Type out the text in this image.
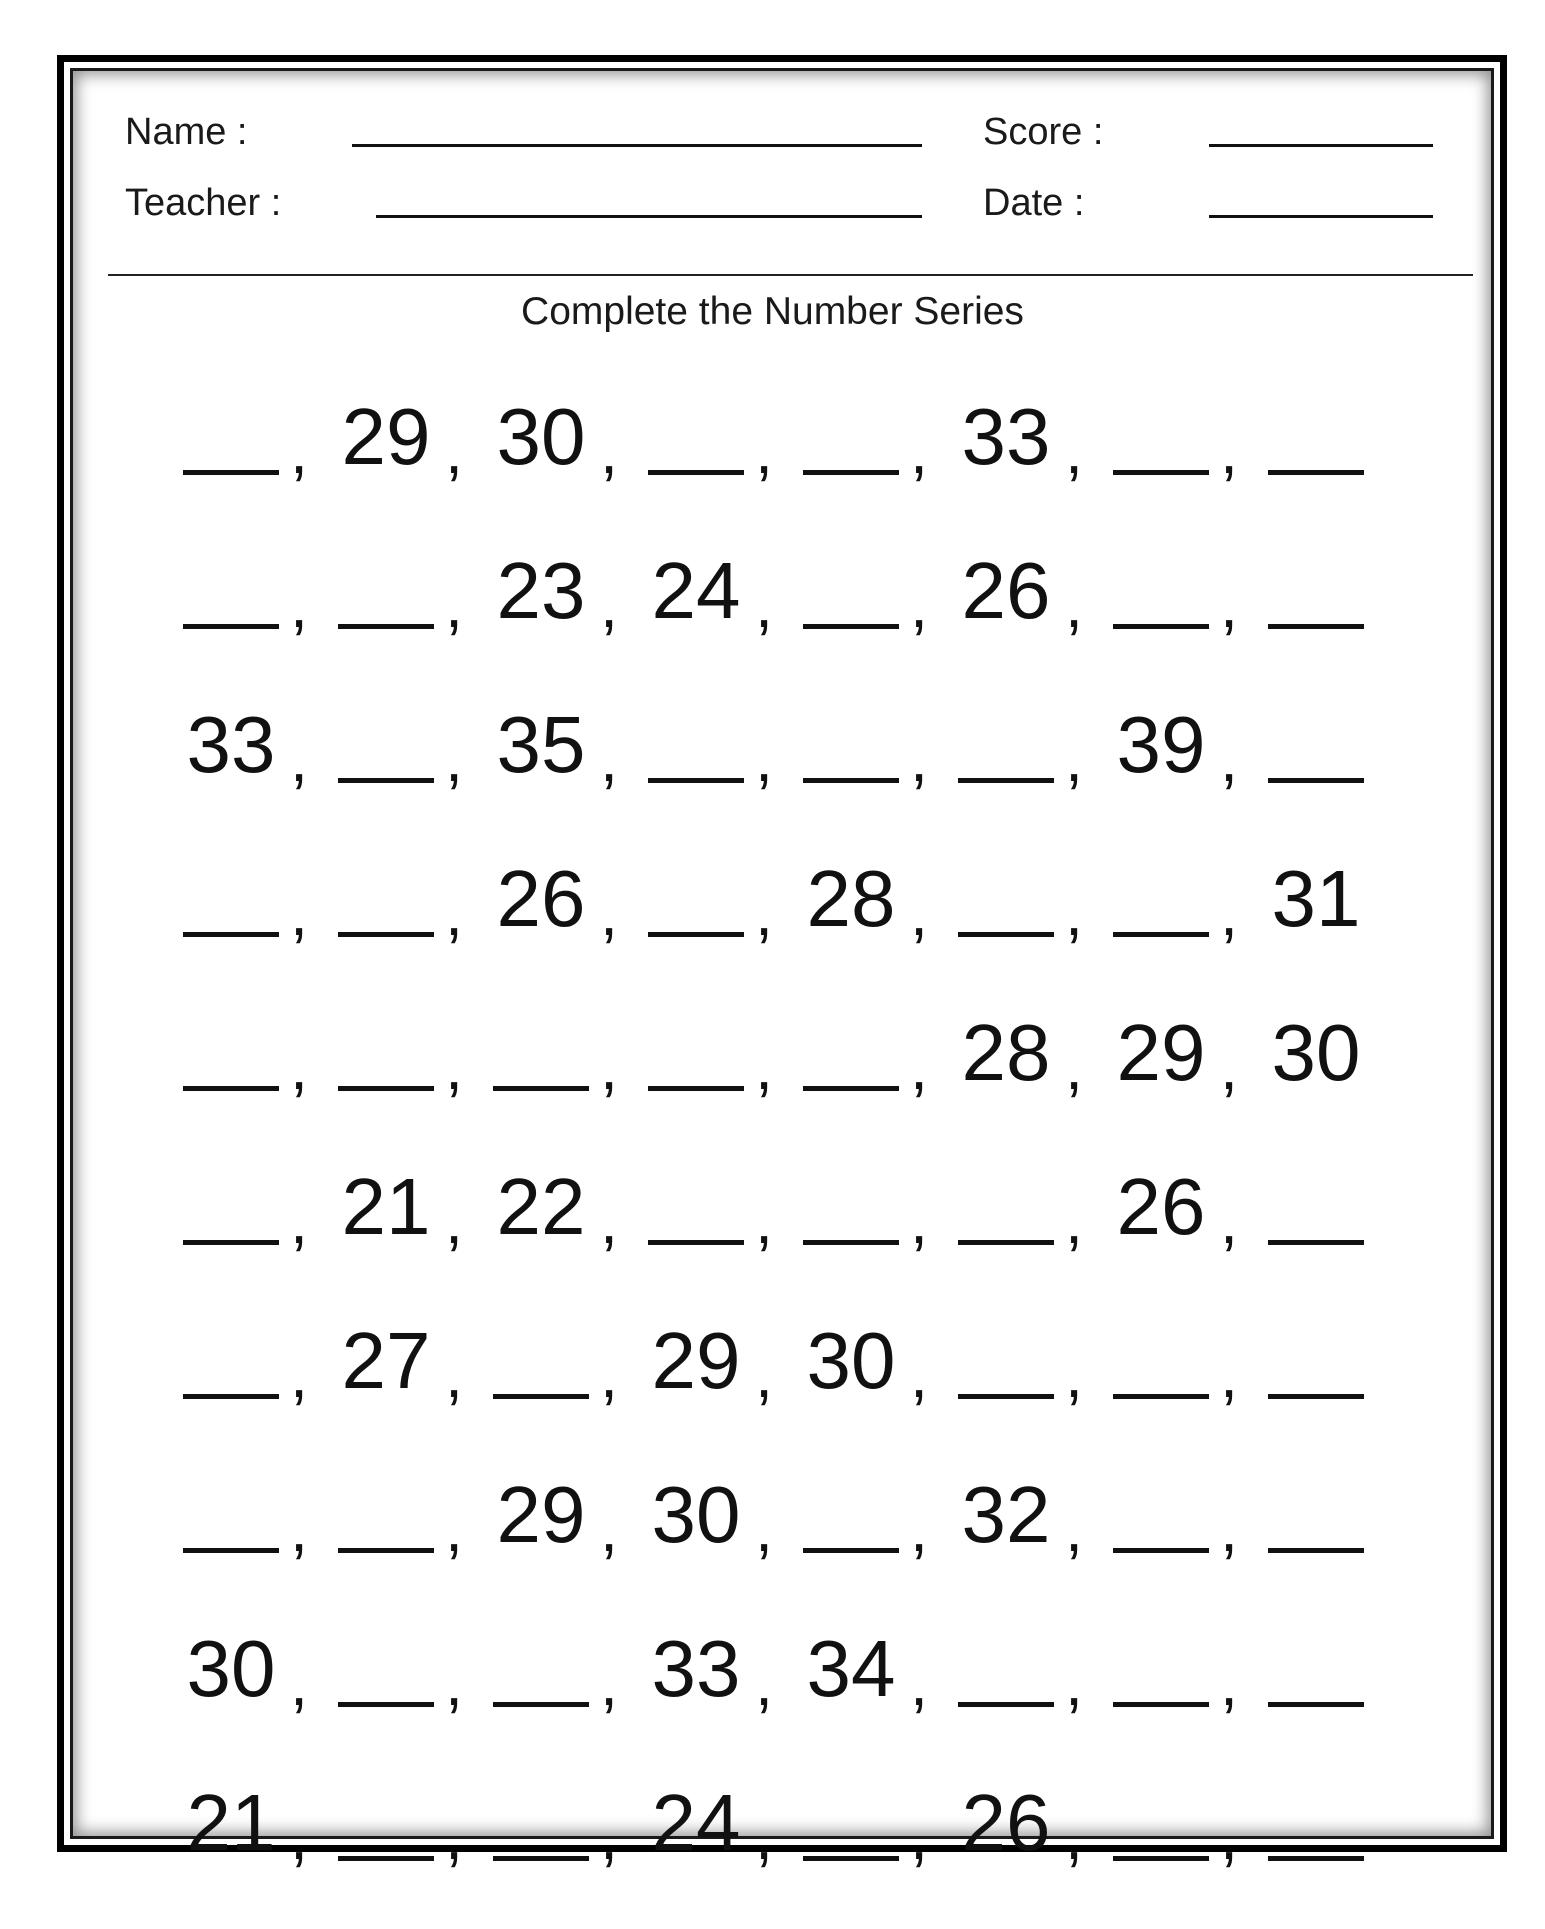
Name :
Teacher :
Score :
Date :
Complete the Number Series
, 29 , 30 , , , 33 , ,
, , 23 , 24 , , 26 , ,
33 , , 35 , , , , 39 ,
, , 26 , , 28 , , , 31
, , , , , 28 , 29 , 30
, 21 , 22 , , , , 26 ,
, 27 , , 29 , 30 , , ,
, , 29 , 30 , , 32 , ,
30 , , , 33 , 34 , , ,
21 , , , 24 , , 26 , ,
